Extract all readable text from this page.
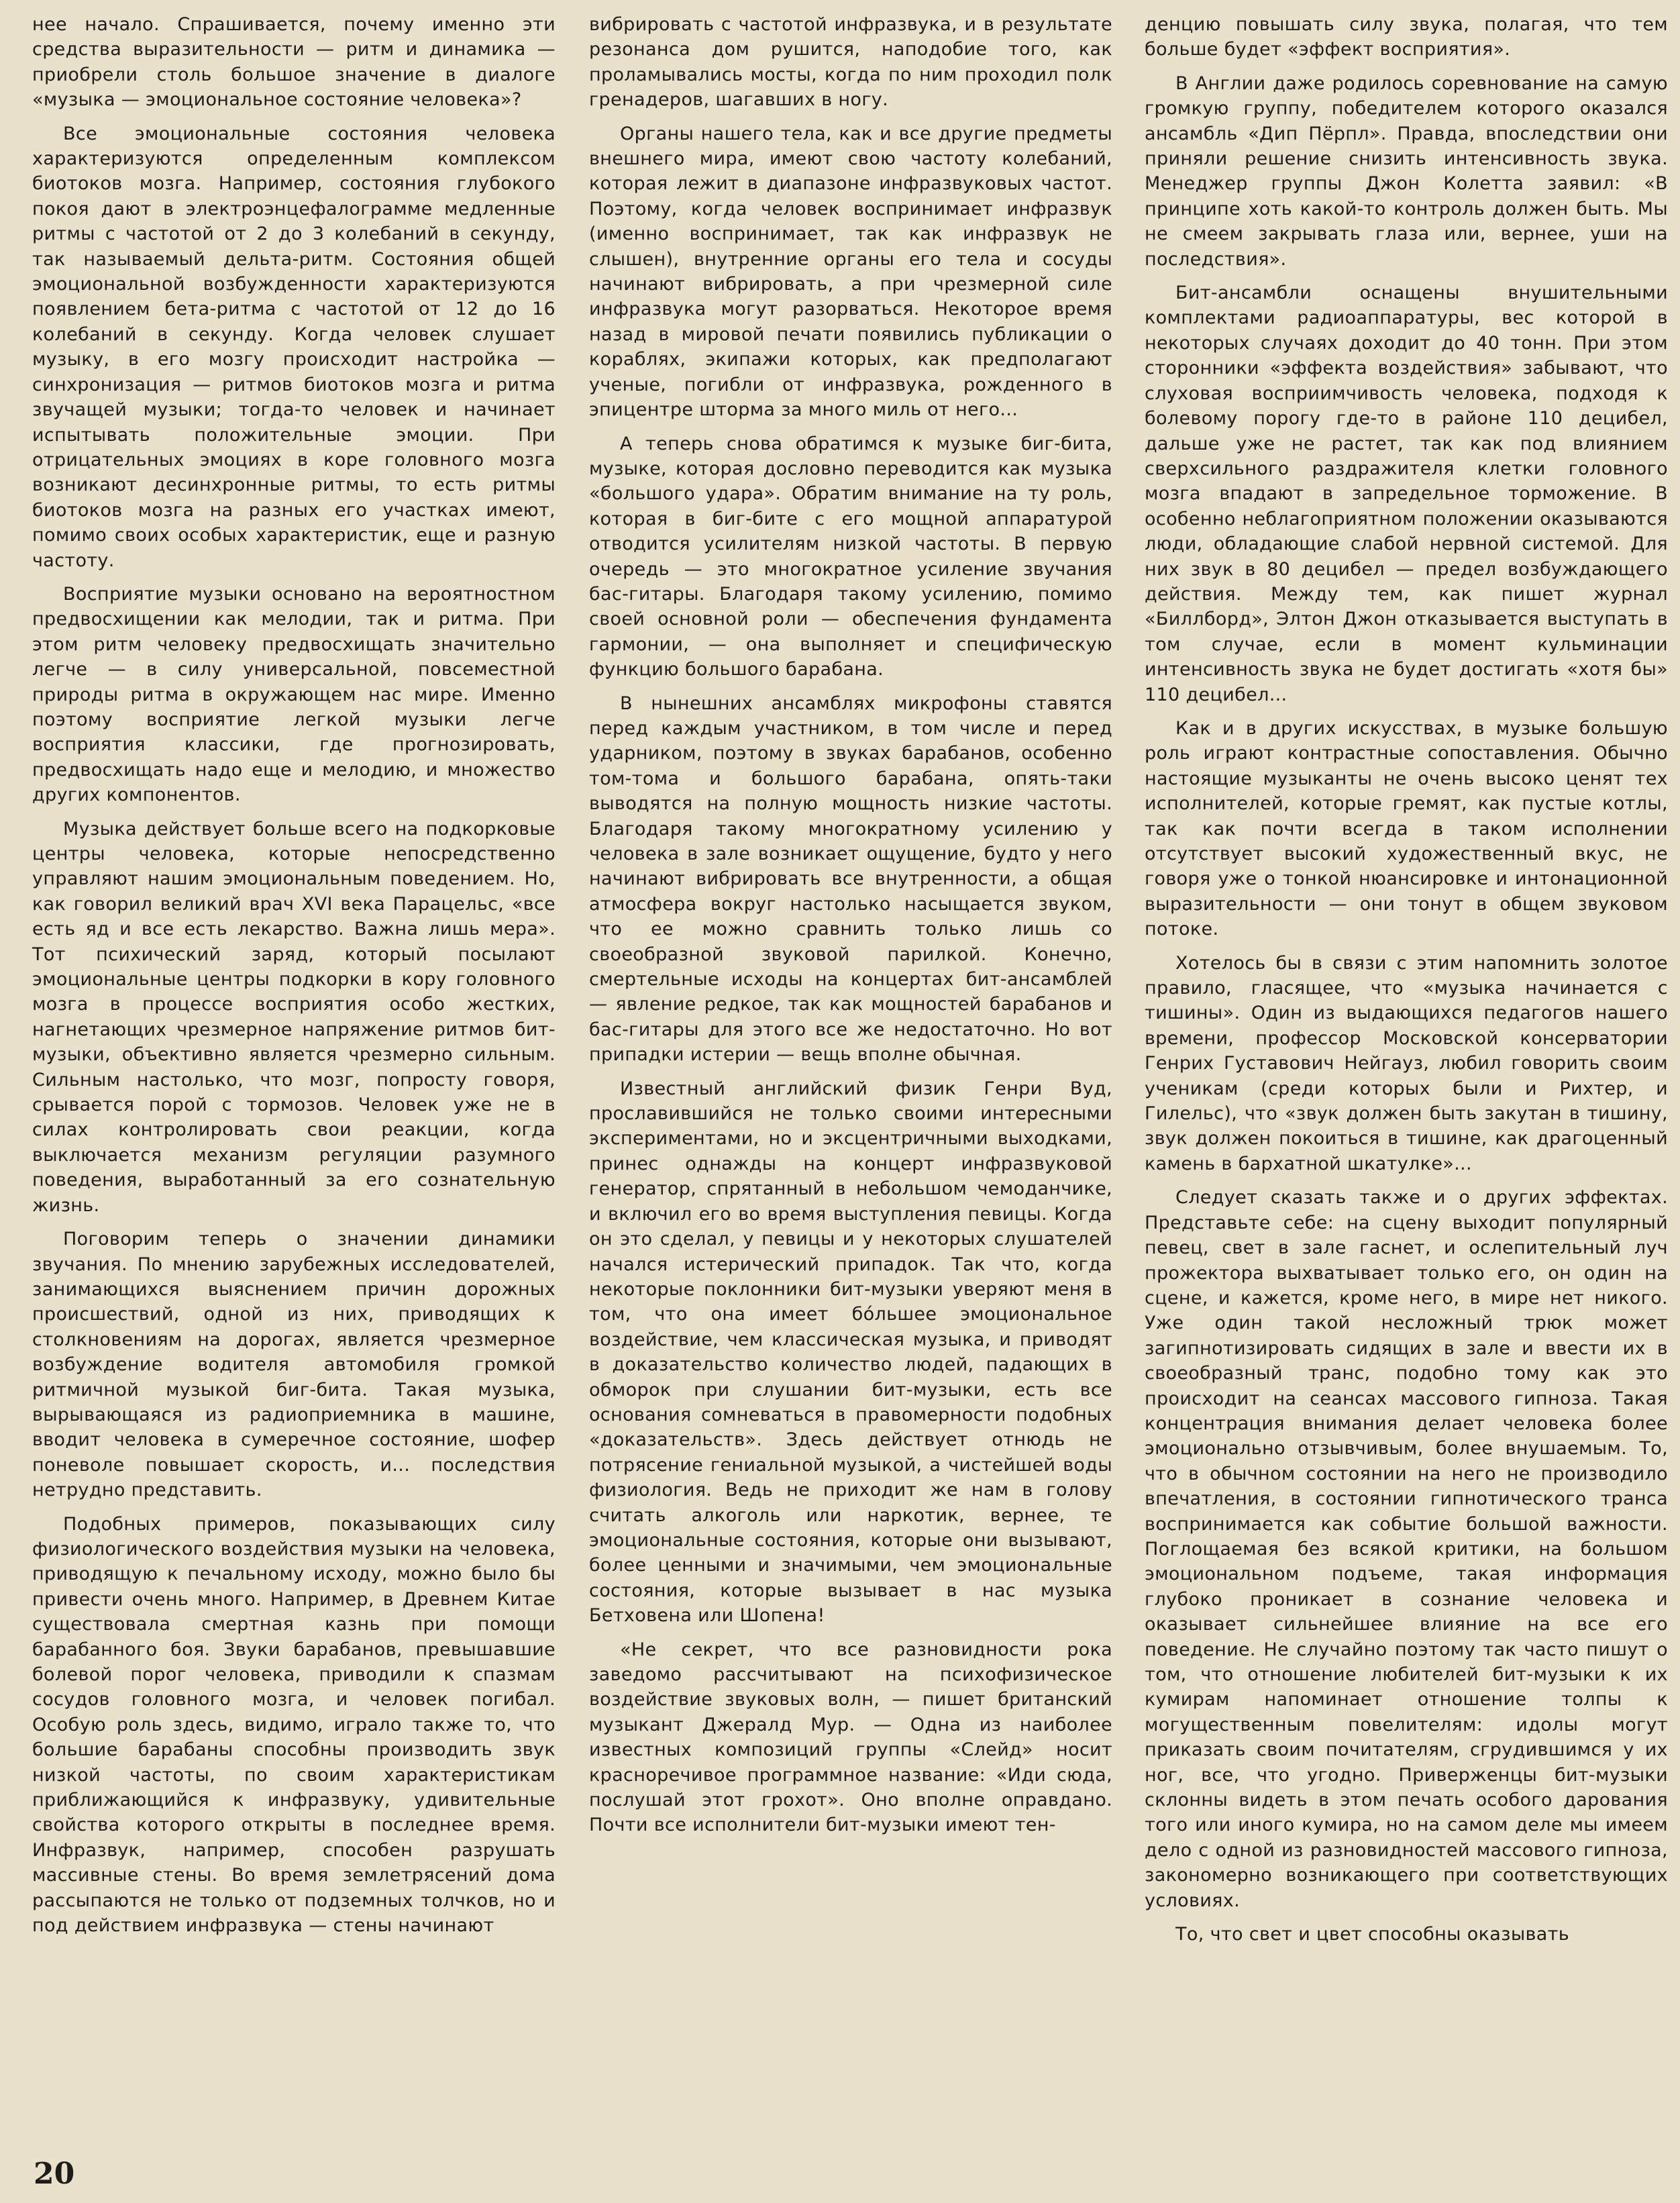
нее начало. Спрашивается, почему именно эти средства выразительности — ритм и динамика — приобрели столь большое значение в диалоге «музыка — эмоциональное состояние человека»?

Все эмоциональные состояния человека характеризуются определенным комплексом биотоков мозга. Например, состояния глубокого покоя дают в электроэнцефалограмме медленные ритмы с частотой от 2 до 3 колебаний в секунду, так называемый дельта-ритм. Состояния общей эмоциональной возбужденности характеризуются появлением бета-ритма с частотой от 12 до 16 колебаний в секунду. Когда человек слушает музыку, в его мозгу происходит настройка — синхронизация — ритмов биотоков мозга и ритма звучащей музыки; тогда-то человек и начинает испытывать положительные эмоции. При отрицательных эмоциях в коре головного мозга возникают десинхронные ритмы, то есть ритмы биотоков мозга на разных его участках имеют, помимо своих особых характеристик, еще и разную частоту.

Восприятие музыки основано на вероятностном предвосхищении как мелодии, так и ритма. При этом ритм человеку предвосхищать значительно легче — в силу универсальной, повсеместной природы ритма в окружающем нас мире. Именно поэтому восприятие легкой музыки легче восприятия классики, где прогнозировать, предвосхищать надо еще и мелодию, и множество других компонентов.

Музыка действует больше всего на подкорковые центры человека, которые непосредственно управляют нашим эмоциональным поведением. Но, как говорил великий врач XVI века Парацельс, «все есть яд и все есть лекарство. Важна лишь мера». Тот психический заряд, который посылают эмоциональные центры подкорки в кору головного мозга в процессе восприятия особо жестких, нагнетающих чрезмерное напряжение ритмов бит-музыки, объективно является чрезмерно сильным. Сильным настолько, что мозг, попросту говоря, срывается порой с тормозов. Человек уже не в силах контролировать свои реакции, когда выключается механизм регуляции разумного поведения, выработанный за его сознательную жизнь.

Поговорим теперь о значении динамики звучания. По мнению зарубежных исследователей, занимающихся выяснением причин дорожных происшествий, одной из них, приводящих к столкновениям на дорогах, является чрезмерное возбуждение водителя автомобиля громкой ритмичной музыкой биг-бита. Такая музыка, вырывающаяся из радиоприемника в машине, вводит человека в сумеречное состояние, шофер поневоле повышает скорость, и... последствия нетрудно представить.

Подобных примеров, показывающих силу физиологического воздействия музыки на человека, приводящую к печальному исходу, можно было бы привести очень много. Например, в Древнем Китае существовала смертная казнь при помощи барабанного боя. Звуки барабанов, превышавшие болевой порог человека, приводили к спазмам сосудов головного мозга, и человек погибал. Особую роль здесь, видимо, играло также то, что большие барабаны способны производить звук низкой частоты, по своим характеристикам приближающийся к инфразвуку, удивительные свойства которого открыты в последнее время. Инфразвук, например, способен разрушать массивные стены. Во время землетрясений дома рассыпаются не только от подземных толчков, но и под действием инфразвука — стены начинают

вибрировать с частотой инфразвука, и в результате резонанса дом рушится, наподобие того, как проламывались мосты, когда по ним проходил полк гренадеров, шагавших в ногу.

Органы нашего тела, как и все другие предметы внешнего мира, имеют свою частоту колебаний, которая лежит в диапазоне инфразвуковых частот. Поэтому, когда человек воспринимает инфразвук (именно воспринимает, так как инфразвук не слышен), внутренние органы его тела и сосуды начинают вибрировать, а при чрезмерной силе инфразвука могут разорваться. Некоторое время назад в мировой печати появились публикации о кораблях, экипажи которых, как предполагают ученые, погибли от инфразвука, рожденного в эпицентре шторма за много миль от него...

А теперь снова обратимся к музыке биг-бита, музыке, которая дословно переводится как музыка «большого удара». Обратим внимание на ту роль, которая в биг-бите с его мощной аппаратурой отводится усилителям низкой частоты. В первую очередь — это многократное усиление звучания бас-гитары. Благодаря такому усилению, помимо своей основной роли — обеспечения фундамента гармонии, — она выполняет и специфическую функцию большого барабана.

В нынешних ансамблях микрофоны ставятся перед каждым участником, в том числе и перед ударником, поэтому в звуках барабанов, особенно том-тома и большого барабана, опять-таки выводятся на полную мощность низкие частоты. Благодаря такому многократному усилению у человека в зале возникает ощущение, будто у него начинают вибрировать все внутренности, а общая атмосфера вокруг настолько насыщается звуком, что ее можно сравнить только лишь со своеобразной звуковой парилкой. Конечно, смертельные исходы на концертах бит-ансамблей — явление редкое, так как мощностей барабанов и бас-гитары для этого все же недостаточно. Но вот припадки истерии — вещь вполне обычная.

Известный английский физик Генри Вуд, прославившийся не только своими интересными экспериментами, но и эксцентричными выходками, принес однажды на концерт инфразвуковой генератор, спрятанный в небольшом чемоданчике, и включил его во время выступления певицы. Когда он это сделал, у певицы и у некоторых слушателей начался истерический припадок. Так что, когда некоторые поклонники бит-музыки уверяют меня в том, что она имеет бо́льшее эмоциональное воздействие, чем классическая музыка, и приводят в доказательство количество людей, падающих в обморок при слушании бит-музыки, есть все основания сомневаться в правомерности подобных «доказательств». Здесь действует отнюдь не потрясение гениальной музыкой, а чистейшей воды физиология. Ведь не приходит же нам в голову считать алкоголь или наркотик, вернее, те эмоциональные состояния, которые они вызывают, более ценными и значимыми, чем эмоциональные состояния, которые вызывает в нас музыка Бетховена или Шопена!

«Не секрет, что все разновидности рока заведомо рассчитывают на психофизическое воздействие звуковых волн, — пишет британский музыкант Джералд Мур. — Одна из наиболее известных композиций группы «Слейд» носит красноречивое программное название: «Иди сюда, послушай этот грохот». Оно вполне оправдано. Почти все исполнители бит-музыки имеют тен-

денцию повышать силу звука, полагая, что тем больше будет «эффект восприятия».

В Англии даже родилось соревнование на самую громкую группу, победителем которого оказался ансамбль «Дип Пёрпл». Правда, впоследствии они приняли решение снизить интенсивность звука. Менеджер группы Джон Колетта заявил: «В принципе хоть какой-то контроль должен быть. Мы не смеем закрывать глаза или, вернее, уши на последствия».

Бит-ансамбли оснащены внушительными комплектами радиоаппаратуры, вес которой в некоторых случаях доходит до 40 тонн. При этом сторонники «эффекта воздействия» забывают, что слуховая восприимчивость человека, подходя к болевому порогу где-то в районе 110 децибел, дальше уже не растет, так как под влиянием сверхсильного раздражителя клетки головного мозга впадают в запредельное торможение. В особенно неблагоприятном положении оказываются люди, обладающие слабой нервной системой. Для них звук в 80 децибел — предел возбуждающего действия. Между тем, как пишет журнал «Биллборд», Элтон Джон отказывается выступать в том случае, если в момент кульминации интенсивность звука не будет достигать «хотя бы» 110 децибел...

Как и в других искусствах, в музыке большую роль играют контрастные сопоставления. Обычно настоящие музыканты не очень высоко ценят тех исполнителей, которые гремят, как пустые котлы, так как почти всегда в таком исполнении отсутствует высокий художественный вкус, не говоря уже о тонкой нюансировке и интонационной выразительности — они тонут в общем звуковом потоке.

Хотелось бы в связи с этим напомнить золотое правило, гласящее, что «музыка начинается с тишины». Один из выдающихся педагогов нашего времени, профессор Московской консерватории Генрих Густавович Нейгауз, любил говорить своим ученикам (среди которых были и Рихтер, и Гилельс), что «звук должен быть закутан в тишину, звук должен покоиться в тишине, как драгоценный камень в бархатной шкатулке»...

Следует сказать также и о других эффектах. Представьте себе: на сцену выходит популярный певец, свет в зале гаснет, и ослепительный луч прожектора выхватывает только его, он один на сцене, и кажется, кроме него, в мире нет никого. Уже один такой несложный трюк может загипнотизировать сидящих в зале и ввести их в своеобразный транс, подобно тому как это происходит на сеансах массового гипноза. Такая концентрация внимания делает человека более эмоционально отзывчивым, более внушаемым. То, что в обычном состоянии на него не производило впечатления, в состоянии гипнотического транса воспринимается как событие большой важности. Поглощаемая без всякой критики, на большом эмоциональном подъеме, такая информация глубоко проникает в сознание человека и оказывает сильнейшее влияние на все его поведение. Не случайно поэтому так часто пишут о том, что отношение любителей бит-музыки к их кумирам напоминает отношение толпы к могущественным повелителям: идолы могут приказать своим почитателям, сгрудившимся у их ног, все, что угодно. Приверженцы бит-музыки склонны видеть в этом печать особого дарования того или иного кумира, но на самом деле мы имеем дело с одной из разновидностей массового гипноза, закономерно возникающего при соответствующих условиях.

То, что свет и цвет способны оказывать

20
